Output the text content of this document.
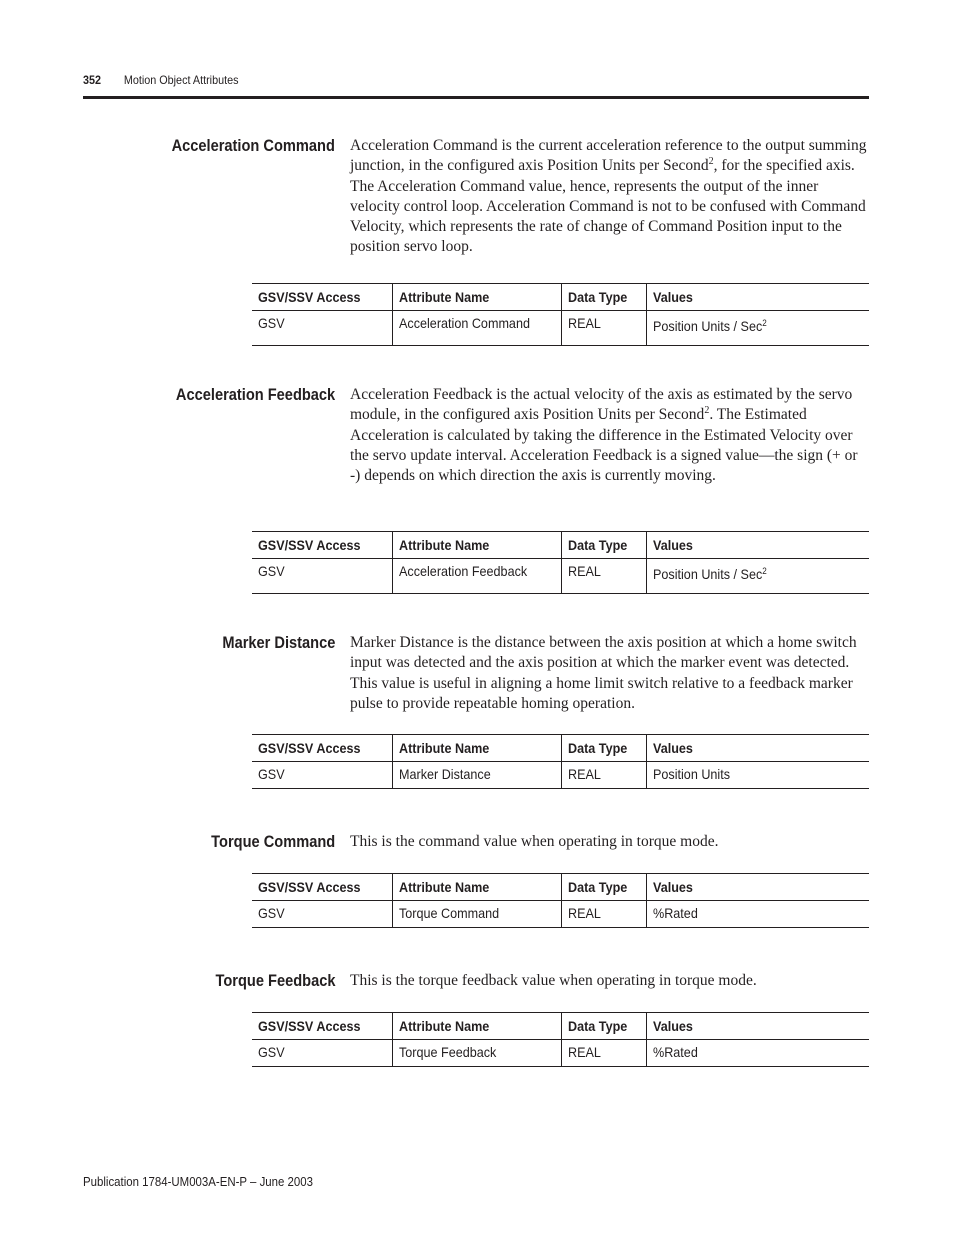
352 Motion Object Attributes
Acceleration Command Acceleration Command is the current acceleration reference to the output summing junction, in the configured axis Position Units per Second$^2$, for the specified axis. The Acceleration Command value, hence, represents the output of the inner velocity control loop. Acceleration Command is not to be confused with Command Velocity, which represents the rate of change of Command Position input to the position servo loop.
GSV/SSV Access	Attribute Name	Data Type	Values
GSV	Acceleration Command	REAL	Position Units / Sec$^2$
Acceleration Feedback Acceleration Feedback is the actual velocity of the axis as estimated by the servo module, in the configured axis Position Units per Second$^2$. The Estimated Acceleration is calculated by taking the difference in the Estimated Velocity over the servo update interval. Acceleration Feedback is a signed value—the sign (+ or -) depends on which direction the axis is currently moving.
GSV/SSV Access	Attribute Name	Data Type	Values
GSV	Acceleration Feedback	REAL	Position Units / Sec$^2$
Marker Distance Marker Distance is the distance between the axis position at which a home switch input was detected and the axis position at which the marker event was detected. This value is useful in aligning a home limit switch relative to a feedback marker pulse to provide repeatable homing operation.
GSV/SSV Access	Attribute Name	Data Type	Values
GSV	Marker Distance	REAL	Position Units
Torque Command This is the command value when operating in torque mode.
GSV/SSV Access	Attribute Name	Data Type	Values
GSV	Torque Command	REAL	%Rated
Torque Feedback This is the torque feedback value when operating in torque mode.
GSV/SSV Access	Attribute Name	Data Type	Values
GSV	Torque Feedback	REAL	%Rated
Publication 1784-UM003A-EN-P – June 2003
